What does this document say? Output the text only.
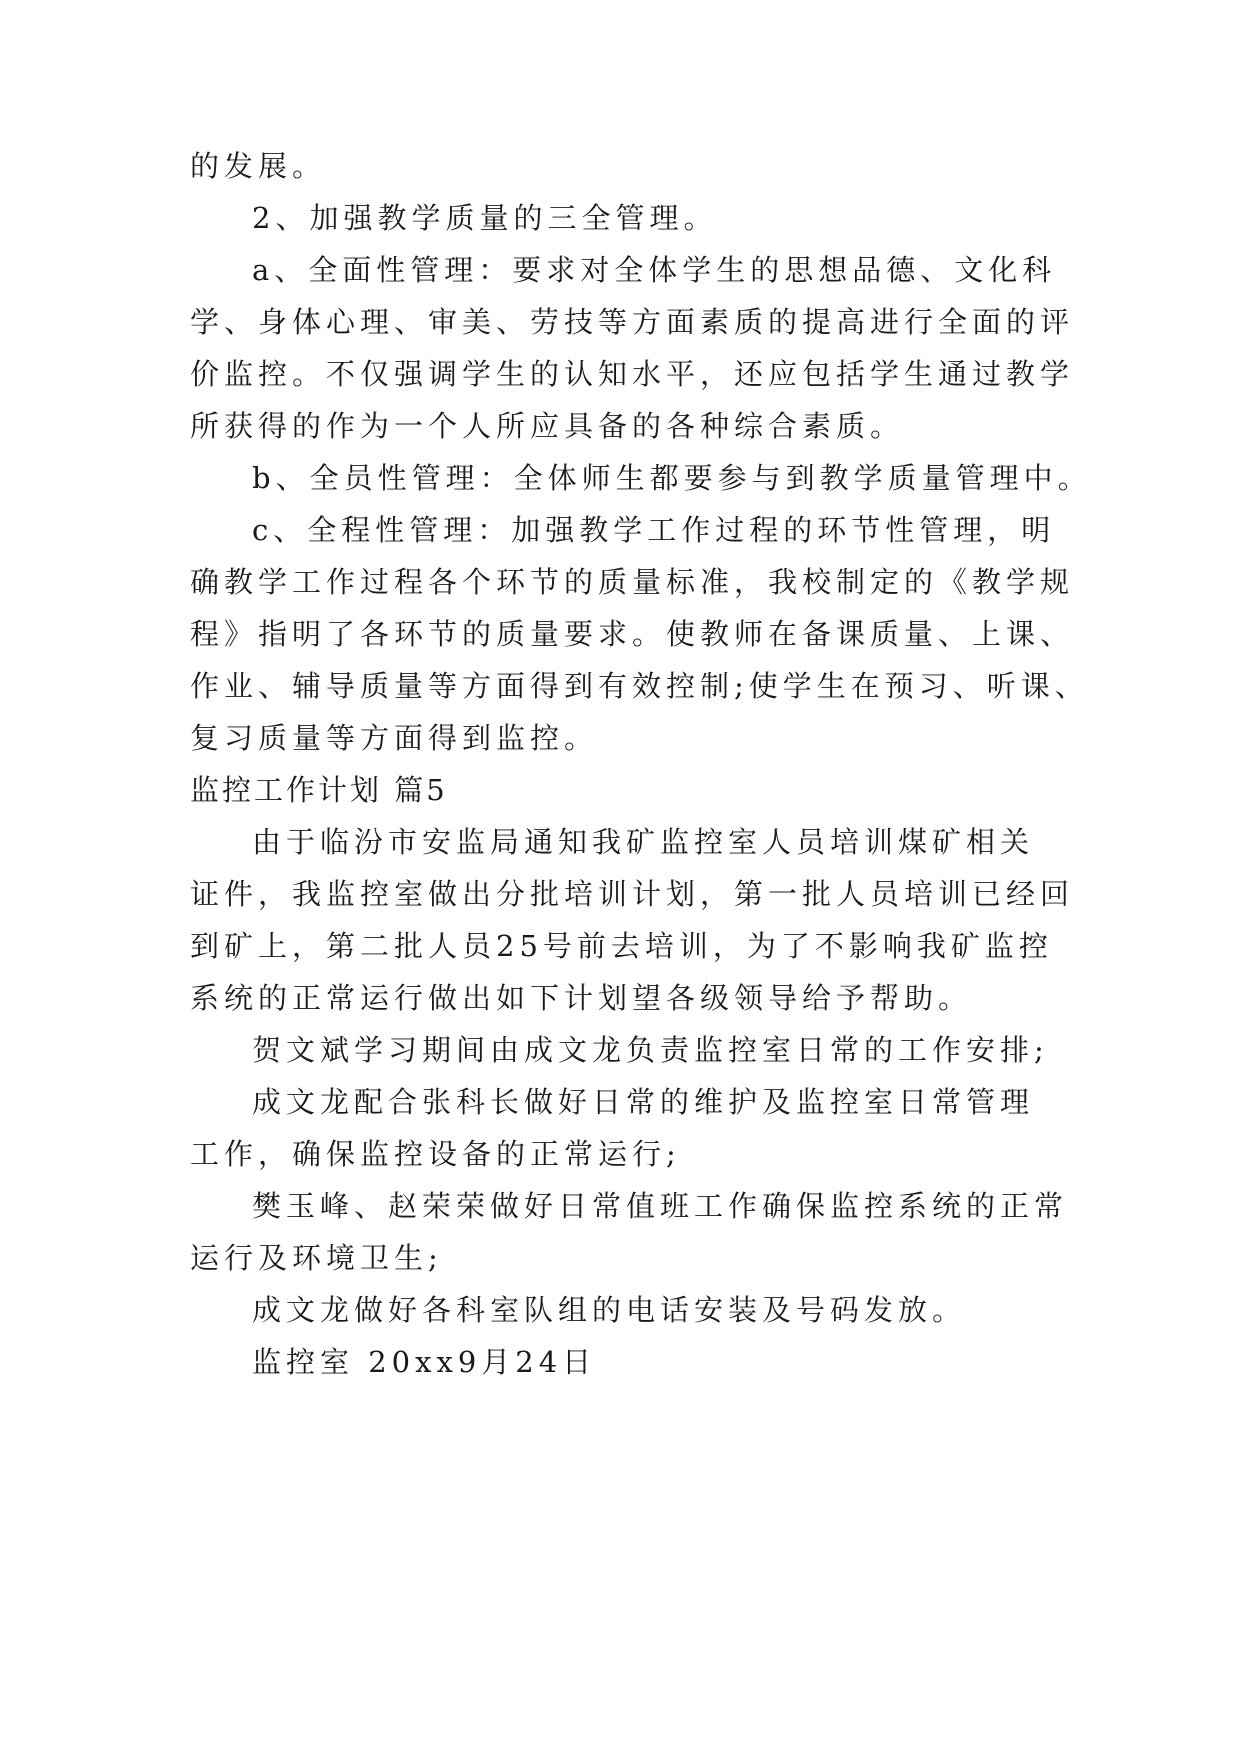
的发展。
2、加强教学质量的三全管理。
a、全面性管理：要求对全体学生的思想品德、文化科
学、身体心理、审美、劳技等方面素质的提高进行全面的评
价监控。不仅强调学生的认知水平，还应包括学生通过教学
所获得的作为一个人所应具备的各种综合素质。
b、全员性管理：全体师生都要参与到教学质量管理中。
c、全程性管理：加强教学工作过程的环节性管理，明
确教学工作过程各个环节的质量标准，我校制定的《教学规
程》指明了各环节的质量要求。使教师在备课质量、上课、
作业、辅导质量等方面得到有效控制;使学生在预习、听课、
复习质量等方面得到监控。
监控工作计划 篇5
由于临汾市安监局通知我矿监控室人员培训煤矿相关
证件，我监控室做出分批培训计划，第一批人员培训已经回
到矿上，第二批人员25号前去培训，为了不影响我矿监控
系统的正常运行做出如下计划望各级领导给予帮助。
贺文斌学习期间由成文龙负责监控室日常的工作安排;
成文龙配合张科长做好日常的维护及监控室日常管理
工作，确保监控设备的正常运行;
樊玉峰、赵荣荣做好日常值班工作确保监控系统的正常
运行及环境卫生;
成文龙做好各科室队组的电话安装及号码发放。
监控室 20xx9月24日
